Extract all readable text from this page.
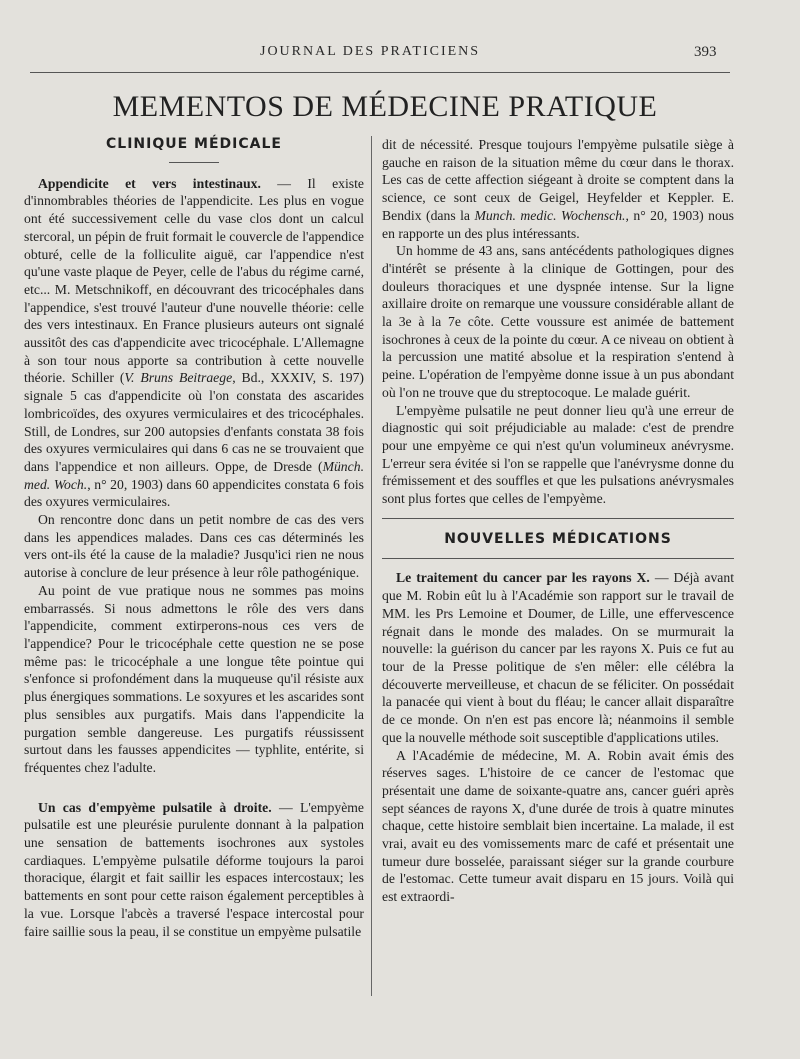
JOURNAL DES PRATICIENS	393
MEMENTOS DE MÉDECINE PRATIQUE
CLINIQUE MÉDICALE

Appendicite et vers intestinaux. — Il existe d'innombrables théories de l'appendicite. Les plus en vogue ont été successivement celle du vase clos dont un calcul stercoral, un pépin de fruit formait le couvercle de l'appendice obturé, celle de la folliculite aiguë, car l'appendice n'est qu'une vaste plaque de Peyer, celle de l'abus du régime carné, etc... M. Metschnikoff, en découvrant des tricocéphales dans l'appendice, s'est trouvé l'auteur d'une nouvelle théorie: celle des vers intestinaux. En France plusieurs auteurs ont signalé aussitôt des cas d'appendicite avec tricocéphale. L'Allemagne à son tour nous apporte sa contribution à cette nouvelle théorie. Schiller (V. Bruns Beitraege, Bd., XXXIV, S. 197) signale 5 cas d'appendicite où l'on constata des ascarides lombricoïdes, des oxyures vermiculaires et des tricocéphales. Still, de Londres, sur 200 autopsies d'enfants constata 38 fois des oxyures vermiculaires qui dans 6 cas ne se trouvaient que dans l'appendice et non ailleurs. Oppe, de Dresde (Münch. med. Woch., n° 20, 1903) dans 60 appendicites constata 6 fois des oxyures vermiculaires.

On rencontre donc dans un petit nombre de cas des vers dans les appendices malades. Dans ces cas déterminés les vers ont-ils été la cause de la maladie? Jusqu'ici rien ne nous autorise à conclure de leur présence à leur rôle pathogénique.

Au point de vue pratique nous ne sommes pas moins embarrassés. Si nous admettons le rôle des vers dans l'appendicite, comment extirperons-nous ces vers de l'appendice? Pour le tricocéphale cette question ne se pose même pas: le tricocéphale a une longue tête pointue qui s'enfonce si profondément dans la muqueuse qu'il résiste aux plus énergiques sommations. Le soxyures et les ascarides sont plus sensibles aux purgatifs. Mais dans l'appendicite la purgation semble dangereuse. Les purgatifs réussissent surtout dans les fausses appendicites — typhlite, entérite, si fréquentes chez l'adulte.

Un cas d'empyème pulsatile à droite. — L'empyème pulsatile est une pleurésie purulente donnant à la palpation une sensation de battements isochrones aux systoles cardiaques. L'empyème pulsatile déforme toujours la paroi thoracique, élargit et fait saillir les espaces intercostaux; les battements en sont pour cette raison également perceptibles à la vue. Lorsque l'abcès a traversé l'espace intercostal pour faire saillie sous la peau, il se constitue un empyème pulsatile

dit de nécessité. Presque toujours l'empyème pulsatile siège à gauche en raison de la situation même du cœur dans le thorax. Les cas de cette affection siégeant à droite se comptent dans la science, ce sont ceux de Geigel, Heyfelder et Keppler. E. Bendix (dans la Munch. medic. Wochensch., n° 20, 1903) nous en rapporte un des plus intéressants.

Un homme de 43 ans, sans antécédents pathologiques dignes d'intérêt se présente à la clinique de Gottingen, pour des douleurs thoraciques et une dyspnée intense. Sur la ligne axillaire droite on remarque une voussure considérable allant de la 3e à la 7e côte. Cette voussure est animée de battement isochrones à ceux de la pointe du cœur. A ce niveau on obtient à la percussion une matité absolue et la respiration s'entend à peine. L'opération de l'empyème donne issue à un pus abondant où l'on ne trouve que du streptocoque. Le malade guérit.

L'empyème pulsatile ne peut donner lieu qu'à une erreur de diagnostic qui soit préjudiciable au malade: c'est de prendre pour une empyème ce qui n'est qu'un volumineux anévrysme. L'erreur sera évitée si l'on se rappelle que l'anévrysme donne du frémissement et des souffles et que les pulsations anévrysmales sont plus fortes que celles de l'empyème.

NOUVELLES MÉDICATIONS

Le traitement du cancer par les rayons X. — Déjà avant que M. Robin eût lu à l'Académie son rapport sur le travail de MM. les Prs Lemoine et Doumer, de Lille, une effervescence régnait dans le monde des malades. On se murmurait la nouvelle: la guérison du cancer par les rayons X. Puis ce fut au tour de la Presse politique de s'en mêler: elle célébra la découverte merveilleuse, et chacun de se féliciter. On possédait la panacée qui vient à bout du fléau; le cancer allait disparaître de ce monde. On n'en est pas encore là; néanmoins il semble que la nouvelle méthode soit susceptible d'applications utiles.

A l'Académie de médecine, M. A. Robin avait émis des réserves sages. L'histoire de ce cancer de l'estomac que présentait une dame de soixante-quatre ans, cancer guéri après sept séances de rayons X, d'une durée de trois à quatre minutes chaque, cette histoire semblait bien incertaine. La malade, il est vrai, avait eu des vomissements marc de café et présentait une tumeur dure bosselée, paraissant siéger sur la grande courbure de l'estomac. Cette tumeur avait disparu en 15 jours. Voilà qui est extraordi-
